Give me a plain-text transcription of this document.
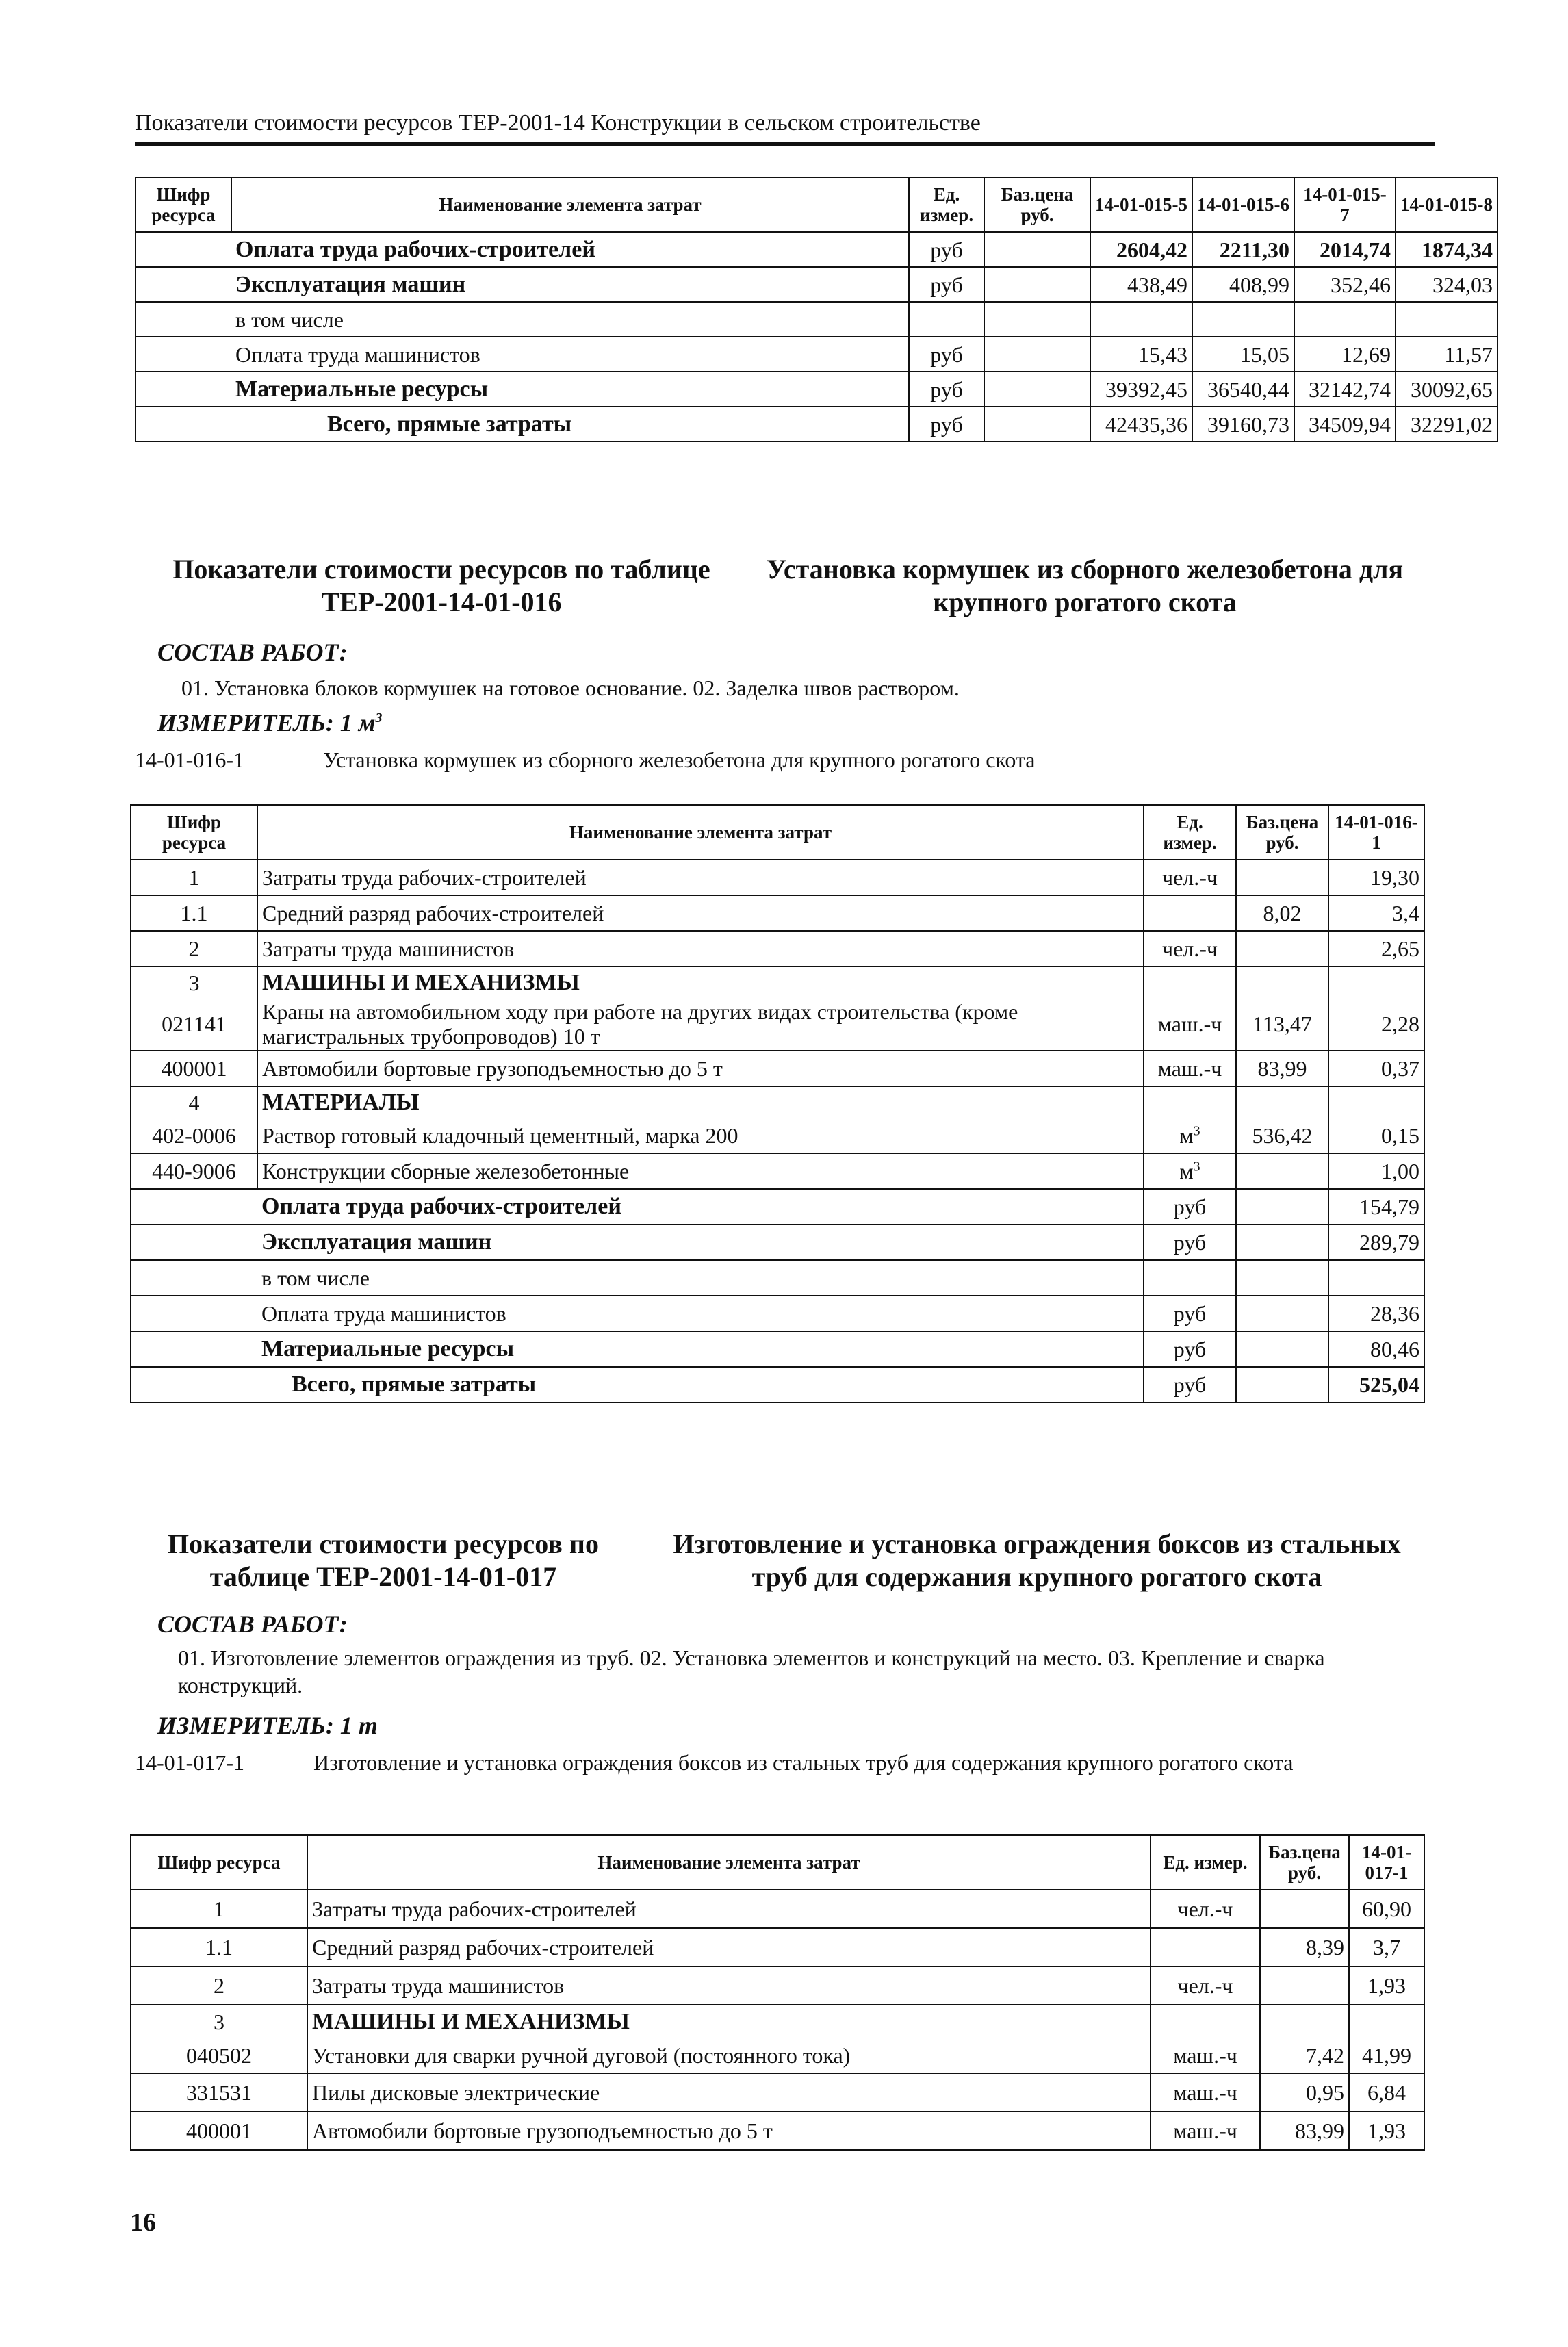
Показатели стоимости ресурсов ТЕР-2001-14 Конструкции в сельском строительстве
Шифр ресурса	Наименование элемента затрат	Ед. измер.	Баз.цена руб.	14-01-015-5	14-01-015-6	14-01-015-7	14-01-015-8
	Оплата труда рабочих-строителей	руб		2604,42	2211,30	2014,74	1874,34
	Эксплуатация машин	руб		438,49	408,99	352,46	324,03
	в том числе						
	Оплата труда машинистов	руб		15,43	15,05	12,69	11,57
	Материальные ресурсы	руб		39392,45	36540,44	32142,74	30092,65
	Всего, прямые затраты	руб		42435,36	39160,73	34509,94	32291,02
Показатели стоимости ресурсов по таблице ТЕР-2001-14-01-016
Установка кормушек из сборного железобетона для крупного рогатого скота
СОСТАВ РАБОТ:
01. Установка блоков кормушек на готовое основание. 02. Заделка швов раствором.
ИЗМЕРИТЕЛЬ: 1 $м^3$
14-01-016-1	Установка кормушек из сборного железобетона для крупного рогатого скота
Шифр ресурса	Наименование элемента затрат	Ед. измер.	Баз.цена руб.	14-01-016-1
1	Затраты труда рабочих-строителей	чел.-ч		19,30
1.1	Средний разряд рабочих-строителей		8,02	3,4
2	Затраты труда машинистов	чел.-ч		2,65
3	МАШИНЫ И МЕХАНИЗМЫ			
021141	Краны на автомобильном ходу при работе на других видах строительства (кроме магистральных трубопроводов) 10 т	маш.-ч	113,47	2,28
400001	Автомобили бортовые грузоподъемностью до 5 т	маш.-ч	83,99	0,37
4	МАТЕРИАЛЫ			
402-0006	Раствор готовый кладочный цементный, марка 200	$м^3$	536,42	0,15
440-9006	Конструкции сборные железобетонные	$м^3$		1,00
	Оплата труда рабочих-строителей	руб		154,79
	Эксплуатация машин	руб		289,79
	в том числе			
	Оплата труда машинистов	руб		28,36
	Материальные ресурсы	руб		80,46
	Всего, прямые затраты	руб		525,04
Показатели стоимости ресурсов по таблице ТЕР-2001-14-01-017
Изготовление и установка ограждения боксов из стальных труб для содержания крупного рогатого скота
СОСТАВ РАБОТ:
01. Изготовление элементов ограждения из труб. 02. Установка элементов и конструкций на место. 03. Крепление и сварка конструкций.
ИЗМЕРИТЕЛЬ: 1 т
14-01-017-1	Изготовление и установка ограждения боксов из стальных труб для содержания крупного рогатого скота
Шифр ресурса	Наименование элемента затрат	Ед. измер.	Баз.цена руб.	14-01-017-1
1	Затраты труда рабочих-строителей	чел.-ч		60,90
1.1	Средний разряд рабочих-строителей		8,39	3,7
2	Затраты труда машинистов	чел.-ч		1,93
3	МАШИНЫ И МЕХАНИЗМЫ			
040502	Установки для сварки ручной дуговой (постоянного тока)	маш.-ч	7,42	41,99
331531	Пилы дисковые электрические	маш.-ч	0,95	6,84
400001	Автомобили бортовые грузоподъемностью до 5 т	маш.-ч	83,99	1,93
16
